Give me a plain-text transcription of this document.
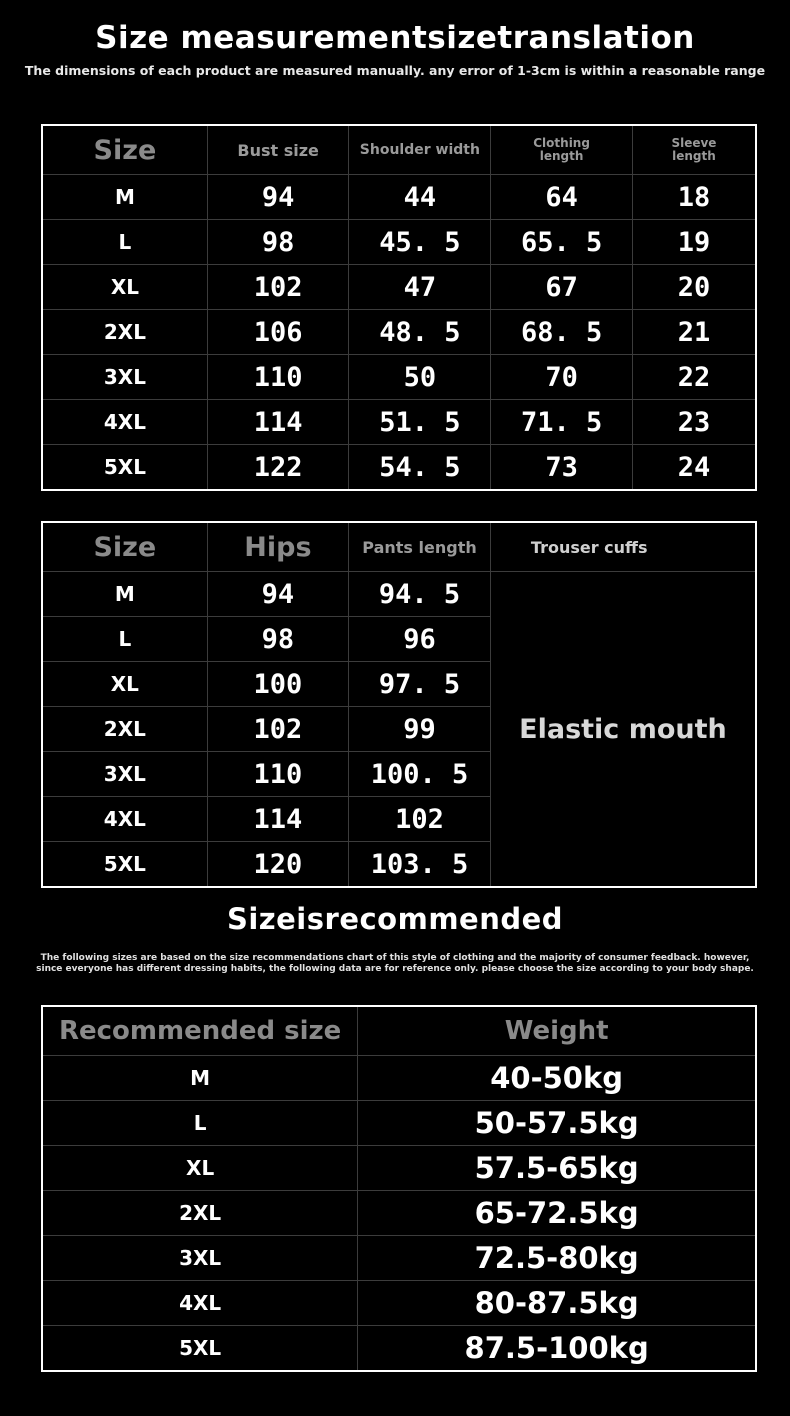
Size measurementsizetranslation
The dimensions of each product are measured manually. any error of 1-3cm is within a reasonable range
Size	Bust size	Shoulder width	Clothing length	Sleeve length
M	94	44	64	18
L	98	45. 5	65. 5	19
XL	102	47	67	20
2XL	106	48. 5	68. 5	21
3XL	110	50	70	22
4XL	114	51. 5	71. 5	23
5XL	122	54. 5	73	24
Size	Hips	Pants length	Trouser cuffs
M	94	94. 5	Elastic mouth
L	98	96	
XL	100	97. 5	
2XL	102	99	
3XL	110	100. 5	
4XL	114	102	
5XL	120	103. 5	
Sizeisrecommended
The following sizes are based on the size recommendations chart of this style of clothing and the majority of consumer feedback. however,
since everyone has different dressing habits, the following data are for reference only. please choose the size according to your body shape.
Recommended size	Weight
M	40-50kg
L	50-57.5kg
XL	57.5-65kg
2XL	65-72.5kg
3XL	72.5-80kg
4XL	80-87.5kg
5XL	87.5-100kg
